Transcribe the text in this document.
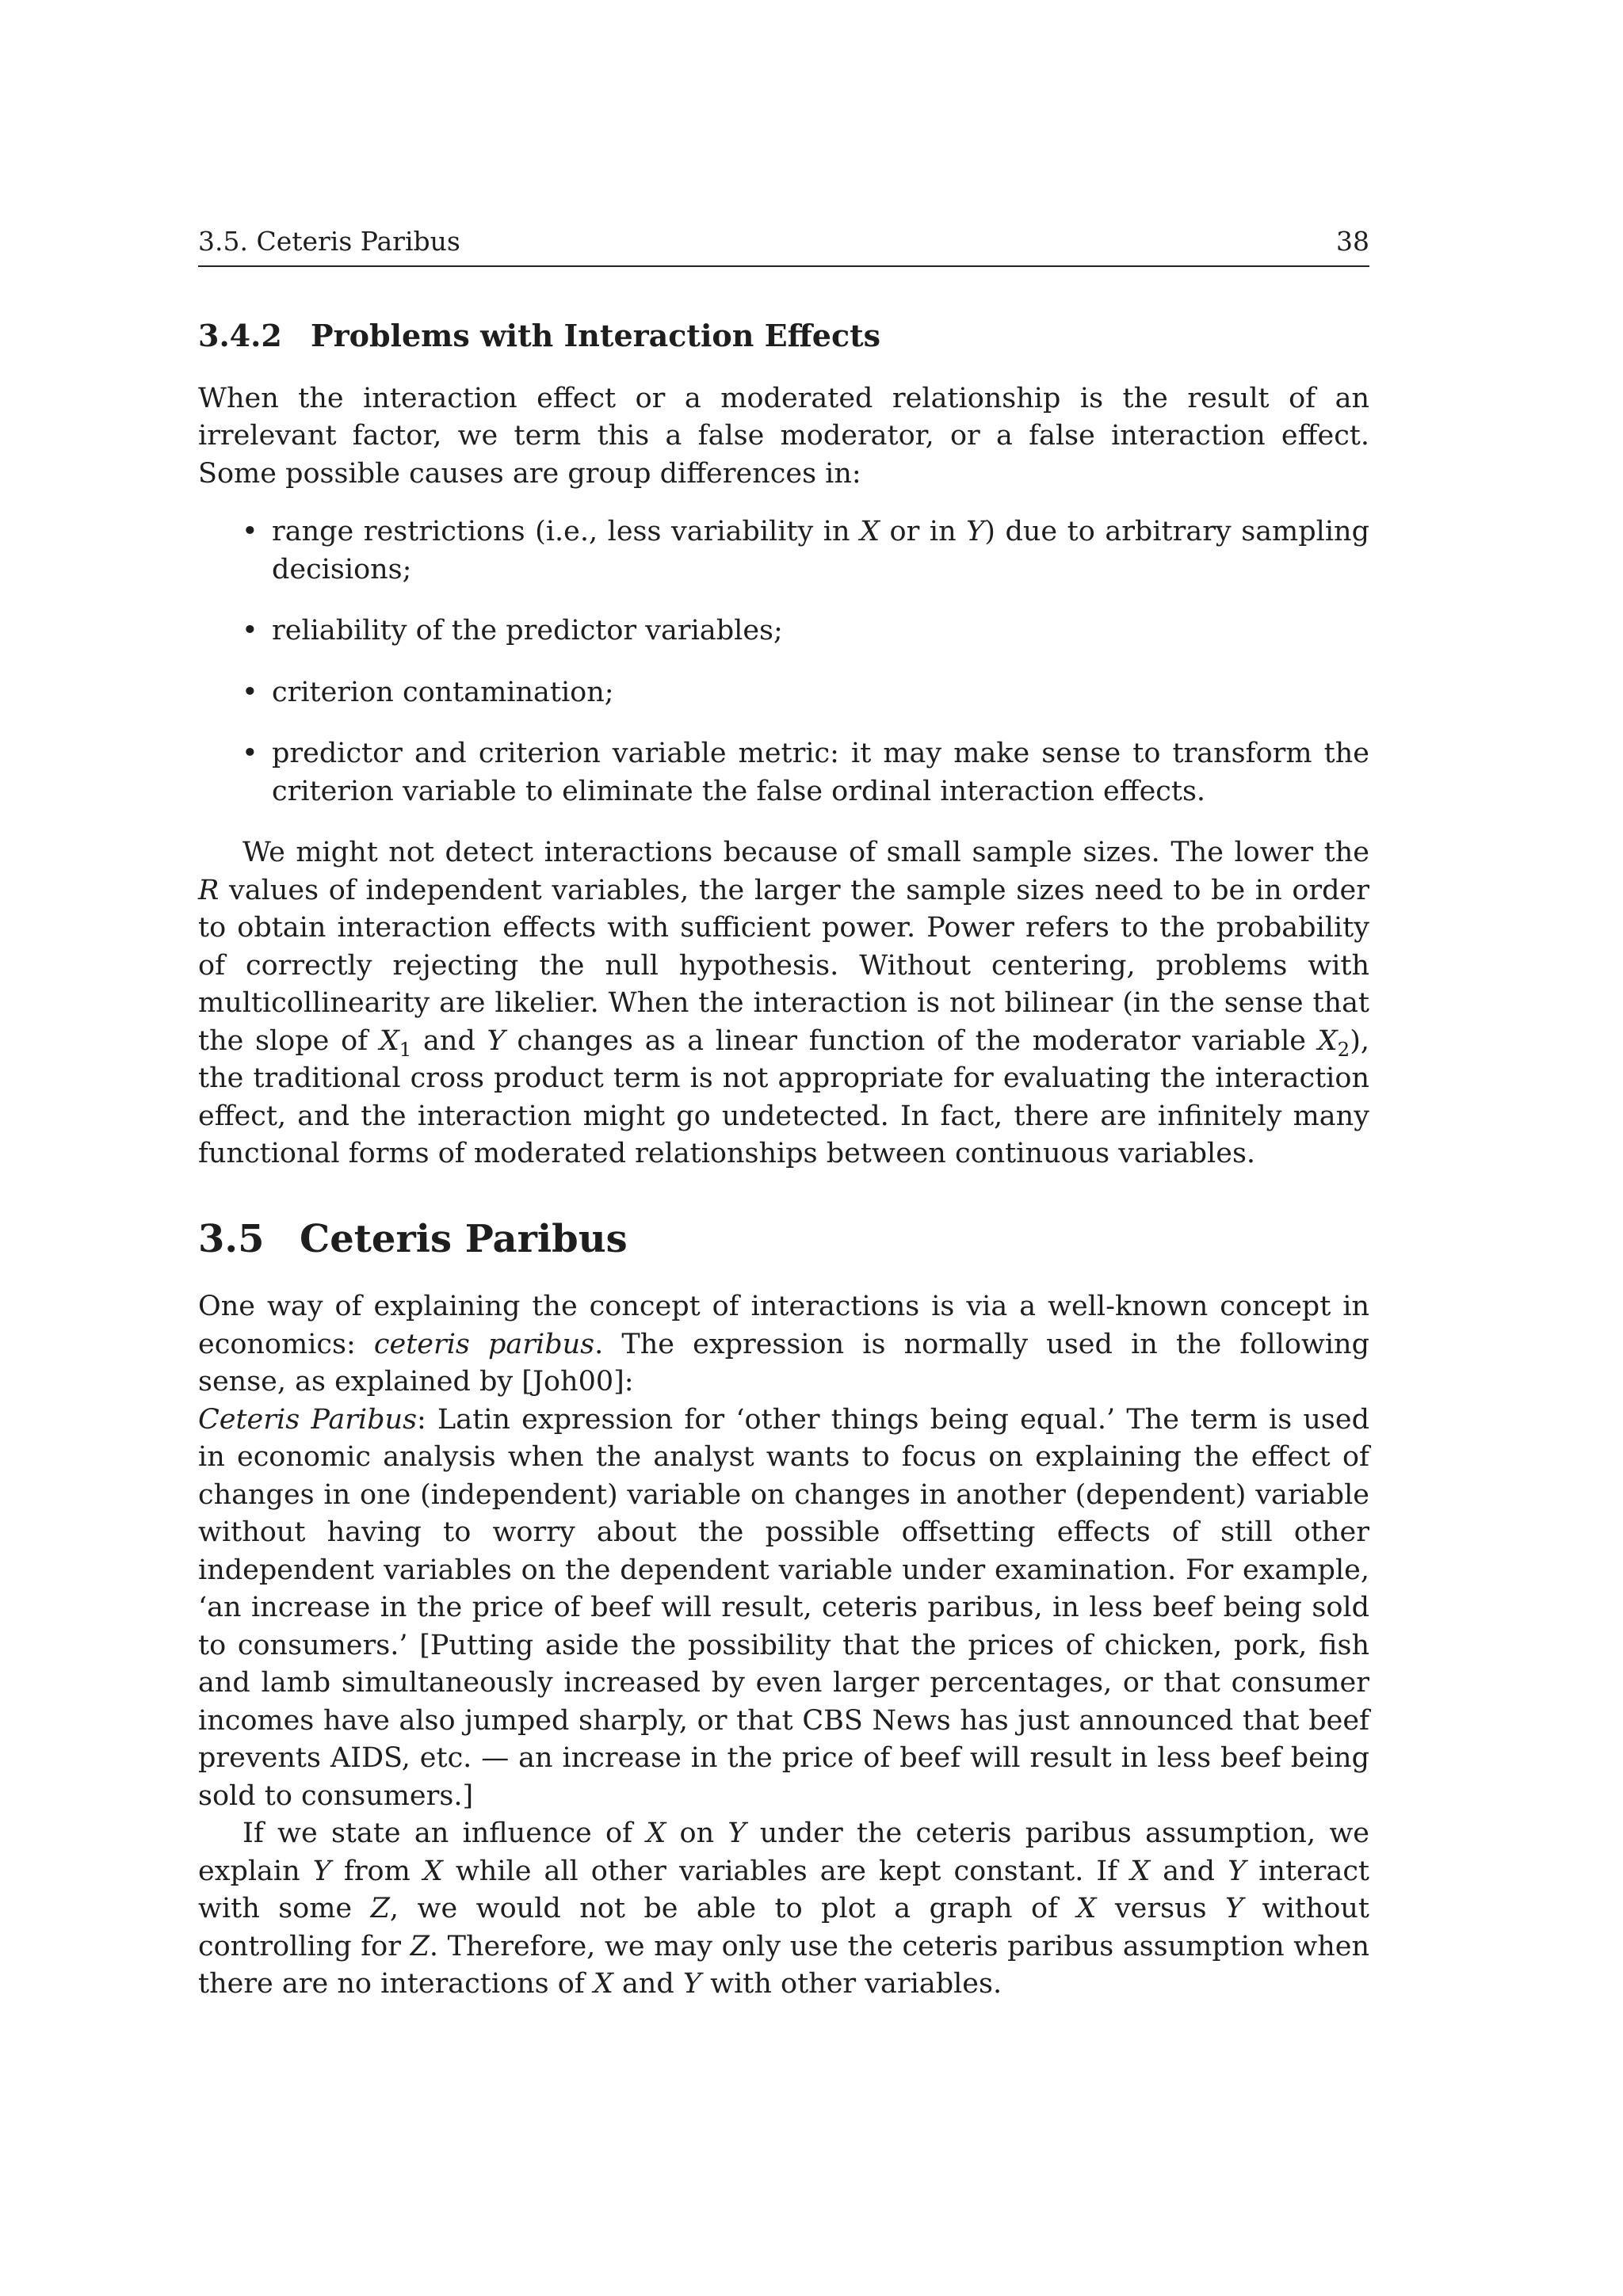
3.5. Ceteris Paribus	38
3.4.2 Problems with Interaction Effects

When the interaction effect or a moderated relationship is the result of an irrelevant factor, we term this a false moderator, or a false interaction effect. Some possible causes are group differences in:

• range restrictions (i.e., less variability in X or in Y) due to arbitrary sampling decisions;
• reliability of the predictor variables;
• criterion contamination;
• predictor and criterion variable metric: it may make sense to transform the criterion variable to eliminate the false ordinal interaction effects.

We might not detect interactions because of small sample sizes. The lower the R values of independent variables, the larger the sample sizes need to be in order to obtain interaction effects with sufficient power. Power refers to the probability of correctly rejecting the null hypothesis. Without centering, problems with multicollinearity are likelier. When the interaction is not bilinear (in the sense that the slope of $X_1$ and Y changes as a linear function of the moderator variable $X_2$), the traditional cross product term is not appropriate for evaluating the interaction effect, and the interaction might go undetected. In fact, there are infinitely many functional forms of moderated relationships between continuous variables.

3.5 Ceteris Paribus

One way of explaining the concept of interactions is via a well-known concept in economics: ceteris paribus. The expression is normally used in the following sense, as explained by [Joh00]:

Ceteris Paribus: Latin expression for ‘other things being equal.’ The term is used in economic analysis when the analyst wants to focus on explaining the effect of changes in one (independent) variable on changes in another (dependent) variable without having to worry about the possible offsetting effects of still other independent variables on the dependent variable under examination. For example, ‘an increase in the price of beef will result, ceteris paribus, in less beef being sold to consumers.’ [Putting aside the possibility that the prices of chicken, pork, fish and lamb simultaneously increased by even larger percentages, or that consumer incomes have also jumped sharply, or that CBS News has just announced that beef prevents AIDS, etc. — an increase in the price of beef will result in less beef being sold to consumers.]

If we state an influence of X on Y under the ceteris paribus assumption, we explain Y from X while all other variables are kept constant. If X and Y interact with some Z, we would not be able to plot a graph of X versus Y without controlling for Z. Therefore, we may only use the ceteris paribus assumption when there are no interactions of X and Y with other variables.
